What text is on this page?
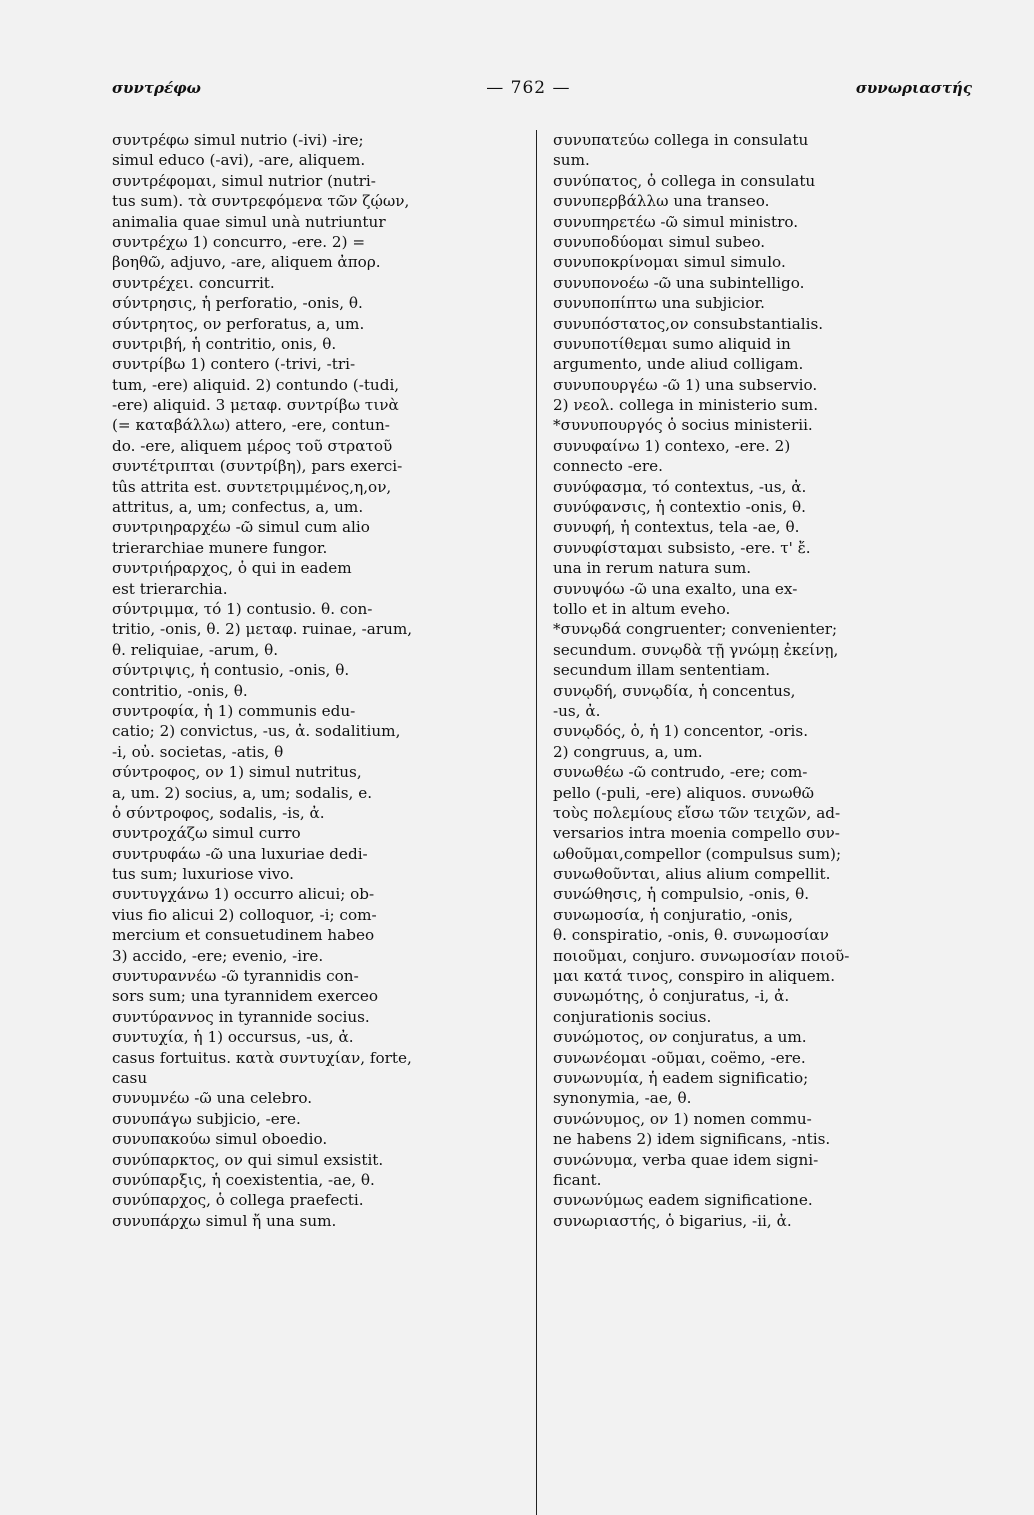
συντρέφω	— 762 —	συνωριαστής
συντρέφω simul nutrio (-ivi) -ire;
simul educo (-avi), -are, aliquem.
συντρέφομαι, simul nutrior (nutri-
tus sum). τὰ συντρεφόμενα τῶν ζῴων,
animalia quae simul unà nutriuntur
συντρέχω 1) concurro, -ere. 2) =
βοηθῶ, adjuvo, -are, aliquem ἀπορ.
συντρέχει. concurrit.
σύντρησις, ἡ perforatio, -onis, θ.
σύντρητος, ον perforatus, a, um.
συντριβή, ἡ contritio, onis, θ.
συντρίβω 1) contero (-trivi, -tri-
tum, -ere) aliquid. 2) contundo (-tudi,
-ere) aliquid. 3 μεταφ. συντρίβω τινὰ
(= καταβάλλω) attero, -ere, contun-
do. -ere, aliquem μέρος τοῦ στρατοῦ
συντέτριπται (συντρίβη), pars exerci-
tûs attrita est. συντετριμμένος,η,ον,
attritus, a, um; confectus, a, um.
συντριηραρχέω -ῶ simul cum alio
trierarchiae munere fungor.
συντριήραρχος, ὁ qui in eadem
est trierarchia.
σύντριμμα, τό 1) contusio. θ. con-
tritio, -onis, θ. 2) μεταφ. ruinae, -arum,
θ. reliquiae, -arum, θ.
σύντριψις, ἡ contusio, -onis, θ.
contritio, -onis, θ.
συντροφία, ἡ 1) communis edu-
catio; 2) convictus, -us, ἀ. sodalitium,
-i, οὐ. societas, -atis, θ
σύντροφος, ον 1) simul nutritus,
a, um. 2) socius, a, um; sodalis, e.
ὁ σύντροφος, sodalis, -is, ἀ.
συντροχάζω simul curro
συντρυφάω -ῶ una luxuriae dedi-
tus sum; luxuriose vivo.
συντυγχάνω 1) occurro alicui; ob-
vius fio alicui 2) colloquor, -i; com-
mercium et consuetudinem habeo
3) accido, -ere; evenio, -ire.
συντυραννέω -ῶ tyrannidis con-
sors sum; una tyrannidem exerceo
συντύραννος in tyrannide socius.
συντυχία, ἡ 1) occursus, -us, ἀ.
casus fortuitus. κατὰ συντυχίαν, forte,
casu
συνυμνέω -ῶ una celebro.
συνυπάγω subjicio, -ere.
συνυπακούω simul oboedio.
συνύπαρκτος, ον qui simul exsistit.
συνύπαρξις, ἡ coexistentia, -ae, θ.
συνύπαρχος, ὁ collega praefecti.
συνυπάρχω simul ἤ una sum.
συνυπατεύω collega in consulatu
sum.
συνύπατος, ὁ collega in consulatu
συνυπερβάλλω una transeo.
συνυπηρετέω -ῶ simul ministro.
συνυποδύομαι simul subeo.
συνυποκρίνομαι simul simulo.
συνυπονοέω -ῶ una subintelligo.
συνυποπίπτω una subjicior.
συνυπόστατος,ον consubstantialis.
συνυποτίθεμαι sumo aliquid in
argumento, unde aliud colligam.
συνυπουργέω -ῶ 1) una subservio.
2) νεολ. collega in ministerio sum.
*συνυπουργός ὁ socius ministerii.
συνυφαίνω 1) contexo, -ere. 2)
connecto -ere.
συνύφασμα, τό contextus, -us, ἀ.
συνύφανσις, ἡ contextio -onis, θ.
συνυφή, ἡ contextus, tela -ae, θ.
συνυφίσταμαι subsisto, -ere. τ' ἔ.
una in rerum natura sum.
συνυψόω -ῶ una exalto, una ex-
tollo et in altum eveho.
*συνῳδά congruenter; convenienter;
secundum. συνῳδὰ τῇ γνώμῃ ἐκείνῃ,
secundum illam sententiam.
συνῳδή, συνῳδία, ἡ concentus,
-us, ἀ.
συνῳδός, ὁ, ἡ 1) concentor, -oris.
2) congruus, a, um.
συνωθέω -ῶ contrudo, -ere; com-
pello (-puli, -ere) aliquos. συνωθῶ
τοὺς πολεμίους εἴσω τῶν τειχῶν, ad-
versarios intra moenia compello συν-
ωθοῦμαι,compellor (compulsus sum);
συνωθοῦνται, alius alium compellit.
συνώθησις, ἡ compulsio, -onis, θ.
συνωμοσία, ἡ conjuratio, -onis,
θ. conspiratio, -onis, θ. συνωμοσίαν
ποιοῦμαι, conjuro. συνωμοσίαν ποιοῦ-
μαι κατά τινος, conspiro in aliquem.
συνωμότης, ὁ conjuratus, -i, ἀ.
conjurationis socius.
συνώμοτος, ον conjuratus, a um.
συνωνέομαι -οῦμαι, coëmo, -ere.
συνωνυμία, ἡ eadem significatio;
synonymia, -ae, θ.
συνώνυμος, ον 1) nomen commu-
ne habens 2) idem significans, -ntis.
συνώνυμα, verba quae idem signi-
ficant.
συνωνύμως eadem significatione.
συνωριαστής, ὁ bigarius, -ii, ἀ.
